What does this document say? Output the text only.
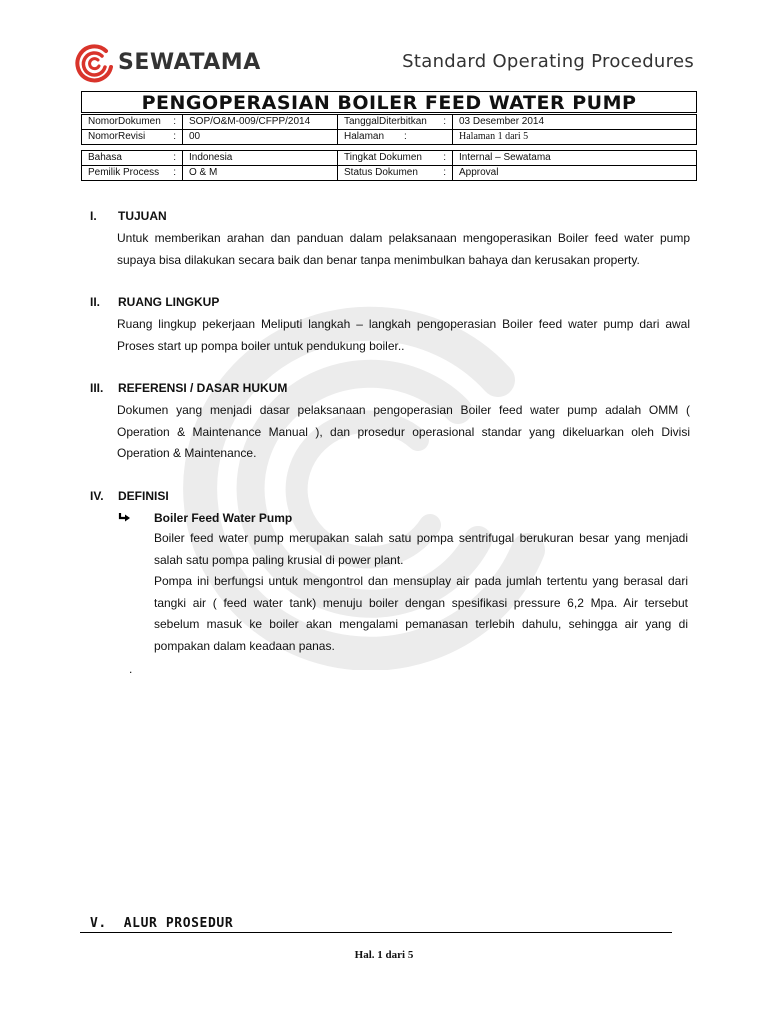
SEWATAMA	Standard Operating Procedures
PENGOPERASIAN BOILER FEED WATER PUMP
NomorDokumen :	SOP/O&M-009/CFPP/2014	TanggalDiterbitkan :	03 Desember 2014
NomorRevisi :	00	Halaman :	Halaman 1 dari 5
Bahasa :	Indonesia	Tingkat Dokumen :	Internal – Sewatama
Pemilik Process :	O & M	Status Dokumen :	Approval
I. TUJUAN
Untuk memberikan arahan dan panduan dalam pelaksanaan mengoperasikan Boiler feed water pump supaya bisa dilakukan secara baik dan benar tanpa menimbulkan bahaya dan kerusakan property.
II. RUANG LINGKUP
Ruang lingkup pekerjaan Meliputi langkah – langkah pengoperasian Boiler feed water pump dari awal Proses start up pompa boiler untuk pendukung boiler..
III. REFERENSI / DASAR HUKUM
Dokumen yang menjadi dasar pelaksanaan pengoperasian Boiler feed water pump adalah OMM ( Operation & Maintenance Manual ), dan prosedur operasional standar yang dikeluarkan oleh Divisi Operation & Maintenance.
IV. DEFINISI
Boiler Feed Water Pump
Boiler feed water pump merupakan salah satu pompa sentrifugal berukuran besar yang menjadi salah satu pompa paling krusial di power plant.
Pompa ini berfungsi untuk mengontrol dan mensuplay air pada jumlah tertentu yang berasal dari tangki air ( feed water tank) menuju boiler dengan spesifikasi pressure 6,2 Mpa. Air tersebut sebelum masuk ke boiler akan mengalami pemanasan terlebih dahulu, sehingga air yang di pompakan dalam keadaan panas.
.
V. ALUR PROSEDUR
Hal. 1 dari 5
